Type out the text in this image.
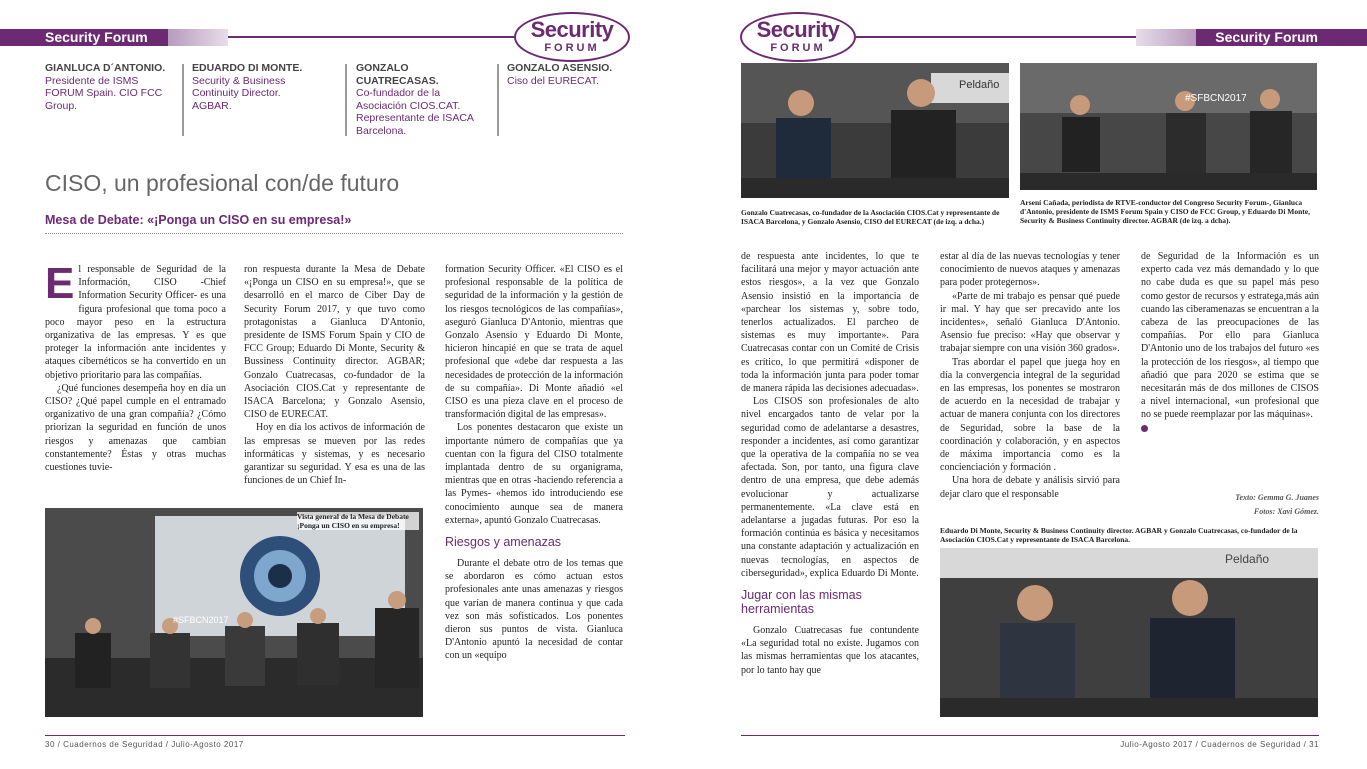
Security Forum	Security
FORUM
Security Forum
Security
FORUM
GIANLUCA D´ANTONIO.
Presidente de ISMS FORUM Spain. CIO FCC Group.
EDUARDO DI MONTE.
Security & Business Continuity Director. AGBAR.
GONZALO CUATRECASAS.
Co-fundador de la Asociación CIOS.CAT. Representante de ISACA Barcelona.
GONZALO ASENSIO.
Ciso del EURECAT.
CISO, un profesional con/de futuro
Mesa de Debate: «¡Ponga un CISO en su empresa!»
E l responsable de Seguridad de la Información, CISO -Chief Information Security Officer- es una figura profesional que toma poco a poco mayor peso en la estructura organizativa de las empresas. Y es que proteger la información ante incidentes y ataques cibernéticos se ha convertido en un objetivo prioritario para las compañías.

¿Qué funciones desempeña hoy en día un CISO? ¿Qué papel cumple en el entramado organizativo de una gran compañía? ¿Cómo priorizan la seguridad en función de unos riesgos y amenazas que cambian constantemente? Éstas y otras muchas cuestiones tuvie-

ron respuesta durante la Mesa de Debate «¡Ponga un CISO en su empresa!», que se desarrolló en el marco de Ciber Day de Security Forum 2017, y que tuvo como protagonistas a Gianluca D'Antonio, presidente de ISMS Forum Spain y CIO de FCC Group; Eduardo Di Monte, Security & Bussiness Continuity director. AGBAR; Gonzalo Cuatrecasas, co-fundador de la Asociación CIOS.Cat y representante de ISACA Barcelona; y Gonzalo Asensio, CISO de EURECAT.

Hoy en día los activos de información de las empresas se mueven por las redes informáticas y sistemas, y es necesario garantizar su seguridad. Y esa es una de las funciones de un Chief In-

formation Security Officer. «El CISO es el profesional responsable de la política de seguridad de la información y la gestión de los riesgos tecnológicos de las compañías», aseguró Gianluca D'Antonio, mientras que Gonzalo Asensio y Eduardo Di Monte, hicieron hincapié en que se trata de aquel profesional que «debe dar respuesta a las necesidades de protección de la información de su compañía». Di Monte añadió «el CISO es una pieza clave en el proceso de transformación digital de las empresas».

Los ponentes destacaron que existe un importante número de compañías que ya cuentan con la figura del CISO totalmente implantada dentro de su organigrama, mientras que en otras -haciendo referencia a las Pymes- «hemos ido introduciendo ese conocimiento aunque sea de manera externa», apuntó Gonzalo Cuatrecasas.

Riesgos y amenazas

Durante el debate otro de los temas que se abordaron es cómo actuan estos profesionales ante unas amenazas y riesgos que varían de manera continua y que cada vez son más sofisticados. Los ponentes dieron sus puntos de vista. Gianluca D'Antonio apuntó la necesidad de contar con un «equipo

#SFBCN2017
Vista general de la Mesa de Debate ¡Ponga un CISO en su empresa!
Peldaño
Gonzalo Cuatrecasas, co-fundador de la Asociación CIOS.Cat y representante de ISACA Barcelona, y Gonzalo Asensio, CISO del EURECAT (de izq. a dcha.)
#SFBCN2017
Arsení Cañada, periodista de RTVE-conductor del Congreso Security Forum-, Gianluca d'Antonio, presidente de ISMS Forum Spain y CISO de FCC Group, y Eduardo Di Monte, Security & Business Continuity director. AGBAR (de izq. a dcha).

de respuesta ante incidentes, lo que te facilitará una mejor y mayor actuación ante estos riesgos», a la vez que Gonzalo Asensio insistió en la importancia de «parchear los sistemas y, sobre todo, tenerlos actualizados. El parcheo de sistemas es muy importante». Para Cuatrecasas contar con un Comité de Crisis es crítico, lo que permitirá «disponer de toda la información junta para poder tomar de manera rápida las decisiones adecuadas».

Los CISOS son profesionales de alto nivel encargados tanto de velar por la seguridad como de adelantarse a desastres, responder a incidentes, así como garantizar que la operativa de la compañía no se vea afectada. Son, por tanto, una figura clave dentro de una empresa, que debe además evolucionar y actualizarse permanentemente. «La clave está en adelantarse a jugadas futuras. Por eso la formación continúa es básica y necesitamos una constante adaptación y actualización en nuevas tecnologías, en aspectos de ciberseguridad», explica Eduardo Di Monte.

Jugar con las mismas herramientas

Gonzalo Cuatrecasas fue contundente «La seguridad total no existe. Jugamos con las mismas herramientas que los atacantes, por lo tanto hay que

estar al día de las nuevas tecnologías y tener conocimiento de nuevos ataques y amenazas para poder protegernos».

«Parte de mi trabajo es pensar qué puede ir mal. Y hay que ser precavido ante los incidentes», señaló Gianluca D'Antonio. Asensio fue preciso: «Hay que observar y trabajar siempre con una visión 360 grados».

Tras abordar el papel que juega hoy en día la convergencia integral de la seguridad en las empresas, los ponentes se mostraron de acuerdo en la necesidad de trabajar y actuar de manera conjunta con los directores de Seguridad, sobre la base de la coordinación y colaboración, y en aspectos de máxima importancia como es la concienciación y formación .

Una hora de debate y análisis sirvió para dejar claro que el responsable

de Seguridad de la Información es un experto cada vez más demandado y lo que no cabe duda es que su papel más peso como gestor de recursos y estratega,más aún cuando las ciberamenazas se encuentran a la cabeza de las preocupaciones de las compañías. Por ello para Gianluca D'Antonio uno de los trabajos del futuro «es la protección de los riesgos», al tiempo que añadió que para 2020 se estima que se necesitarán más de dos millones de CISOS a nivel internacional, «un profesional que no se puede reemplazar por las máquinas».

Texto: Gemma G. Juanes
Fotos: Xavi Gómez.
Eduardo Di Monte, Security & Business Continuity director. AGBAR y Gonzalo Cuatrecasas, co-fundador de la Asociación CIOS.Cat y representante de ISACA Barcelona.
Peldaño
30 / Cuadernos de Seguridad / Julio-Agosto 2017	Julio-Agosto 2017 / Cuadernos de Seguridad / 31
